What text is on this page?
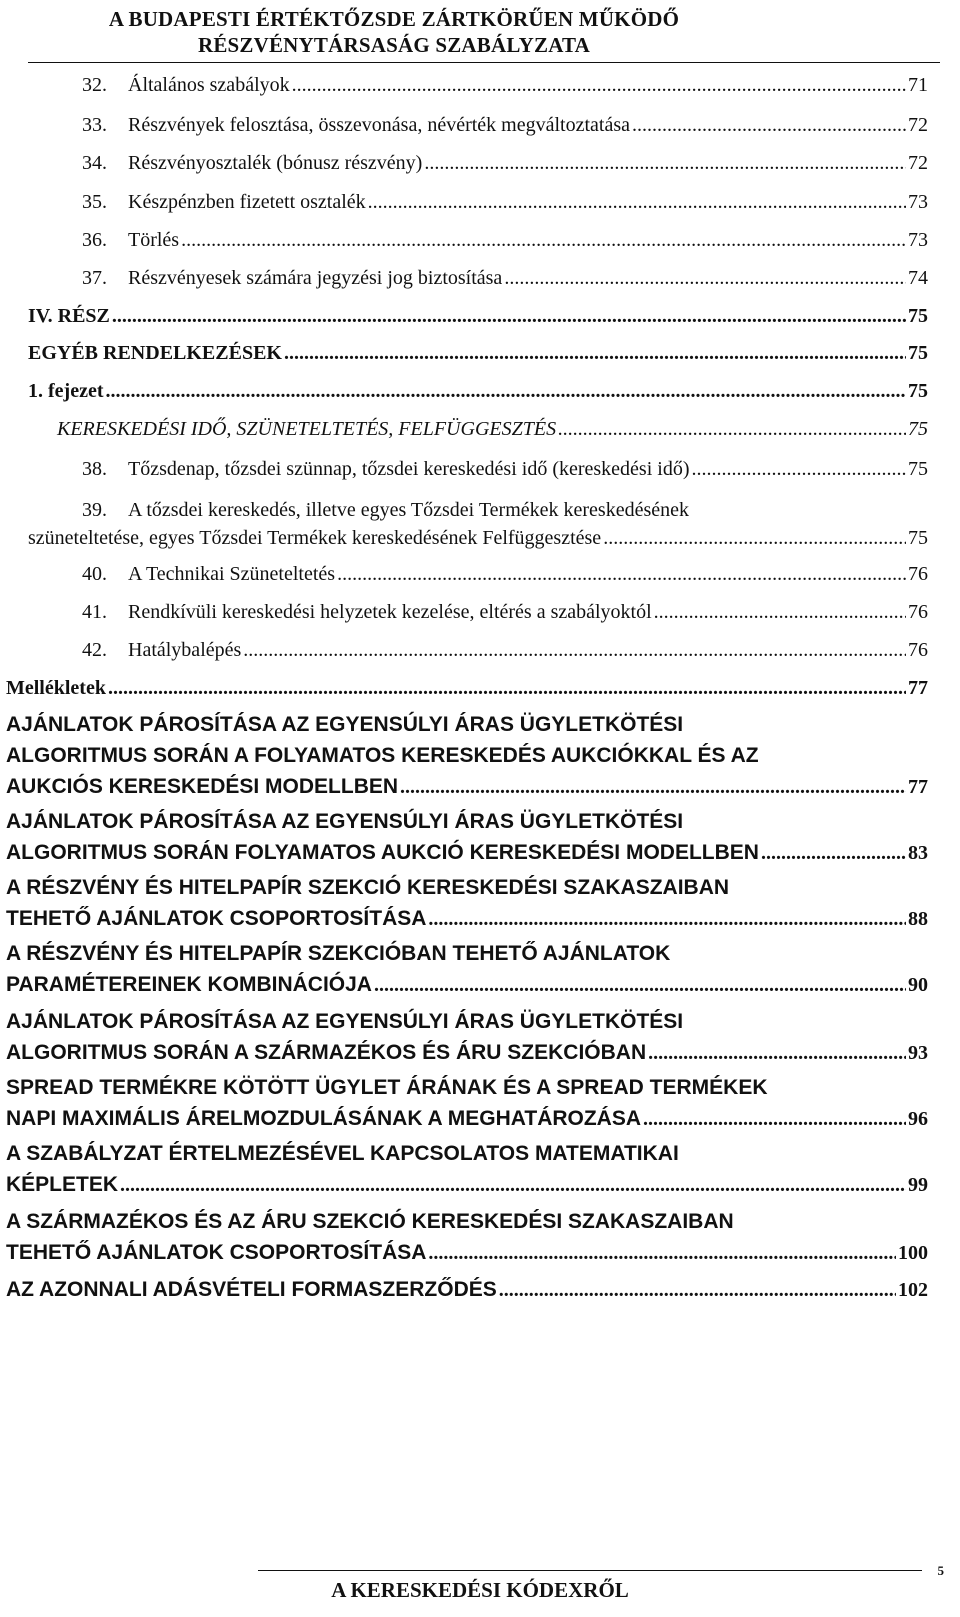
A BUDAPESTI ÉRTÉKTŐZSDE ZÁRTKÖRŰEN MŰKÖDŐ
RÉSZVÉNYTÁRSASÁG SZABÁLYZATA
32. Általános szabályok .....	71
33. Részvények felosztása, összevonása, névérték megváltoztatása .....	72
34. Részvényosztalék (bónusz részvény) .....	72
35. Készpénzben fizetett osztalék .....	73
36. Törlés .....	73
37. Részvényesek számára jegyzési jog biztosítása .....	74
IV. RÉSZ .....	75
EGYÉB RENDELKEZÉSEK .....	75
1. fejezet .....	75
KERESKEDÉSI IDŐ, SZÜNETELTETÉS, FELFÜGGESZTÉS .....	75
38. Tőzsdenap, tőzsdei szünnap, tőzsdei kereskedési idő (kereskedési idő) .....	75
39. A tőzsdei kereskedés, illetve egyes Tőzsdei Termékek kereskedésének
szüneteltetése, egyes Tőzsdei Termékek kereskedésének Felfüggesztése .....	75
40. A Technikai Szüneteltetés .....	76
41. Rendkívüli kereskedési helyzetek kezelése, eltérés a szabályoktól .....	76
42. Hatálybalépés .....	76
Mellékletek .....	77
AJÁNLATOK PÁROSÍTÁSA AZ EGYENSÚLYI ÁRAS ÜGYLETKÖTÉSI
ALGORITMUS SORÁN A FOLYAMATOS KERESKEDÉS AUKCIÓKKAL ÉS AZ
AUKCIÓS KERESKEDÉSI MODELLBEN .....	77
AJÁNLATOK PÁROSÍTÁSA AZ EGYENSÚLYI ÁRAS ÜGYLETKÖTÉSI
ALGORITMUS SORÁN FOLYAMATOS AUKCIÓ KERESKEDÉSI MODELLBEN .....	83
A RÉSZVÉNY ÉS HITELPAPÍR SZEKCIÓ KERESKEDÉSI SZAKASZAIBAN
TEHETŐ AJÁNLATOK CSOPORTOSÍTÁSA .....	88
A RÉSZVÉNY ÉS HITELPAPÍR SZEKCIÓBAN TEHETŐ AJÁNLATOK
PARAMÉTEREINEK KOMBINÁCIÓJA .....	90
AJÁNLATOK PÁROSÍTÁSA AZ EGYENSÚLYI ÁRAS ÜGYLETKÖTÉSI
ALGORITMUS SORÁN A SZÁRMAZÉKOS ÉS ÁRU SZEKCIÓBAN .....	93
SPREAD TERMÉKRE KÖTÖTT ÜGYLET ÁRÁNAK ÉS A SPREAD TERMÉKEK
NAPI MAXIMÁLIS ÁRELMOZDULÁSÁNAK A MEGHATÁROZÁSA .....	96
A SZABÁLYZAT ÉRTELMEZÉSÉVEL KAPCSOLATOS MATEMATIKAI
KÉPLETEK .....	99
A SZÁRMAZÉKOS ÉS AZ ÁRU SZEKCIÓ KERESKEDÉSI SZAKASZAIBAN
TEHETŐ AJÁNLATOK CSOPORTOSÍTÁSA .....	100
AZ AZONNALI ADÁSVÉTELI FORMASZERZŐDÉS .....	102
A KERESKEDÉSI KÓDEXRŐL
5
